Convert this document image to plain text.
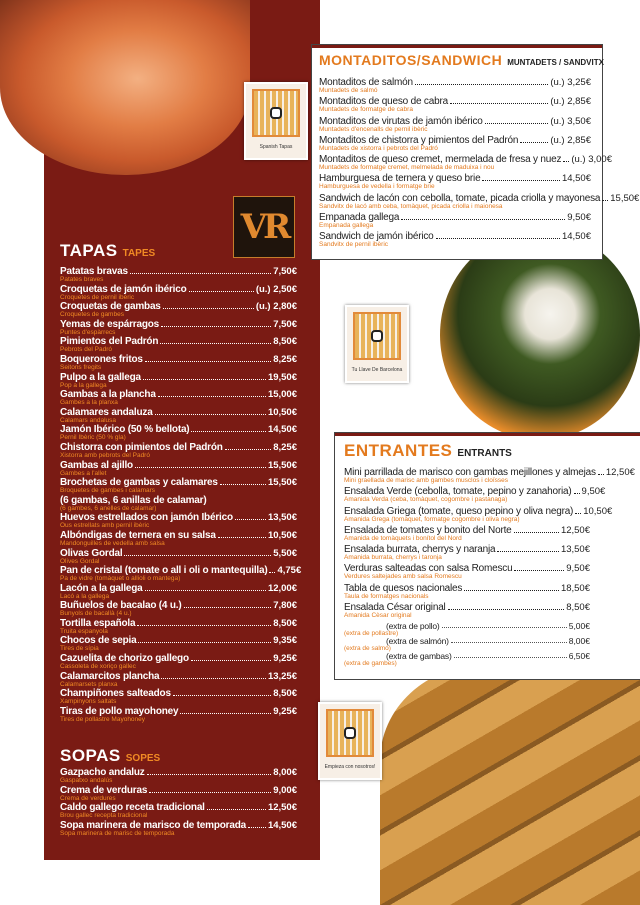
Spanish Tapas
Tu Llave De Barcelona
Empieza con nosotros!
VR
TAPAS TAPES
Patatas bravas	7,50€
Patates braves
Croquetas de jamón ibérico	(u.) 2,50€
Croquetes de pernil ibèric
Croquetas de gambas	(u.) 2,80€
Croquetes de gambes
Yemas de espárragos	7,50€
Puntes d'espàrrecs
Pimientos del Padrón	8,50€
Pebrots del Padró
Boquerones fritos	8,25€
Seitons fregits
Pulpo a la gallega	19,50€
Pop a la gallega
Gambas a la plancha	15,00€
Gambes a la planxa
Calamares andaluza	10,50€
Calamars andalusa
Jamón Ibérico (50 % bellota)	14,50€
Pernil Ibèric (50 % gla)
Chistorra con pimientos del Padrón	8,25€
Xistorra amb pebrots del Padró
Gambas al ajillo	15,50€
Gambes a l'allet
Brochetas de gambas y calamares	15,50€
Broquetes de gambes i calamars
(6 gambas, 6 anillas de calamar)
(6 gambes, 6 anelles de calamar)
Huevos estrellados con jamón Ibérico	13,50€
Ous estrellats amb pernil ibèric
Albóndigas de ternera en su salsa	10,50€
Mandonguilles de vedella amb salsa
Olivas Gordal	5,50€
Olives Gordal
Pan de cristal (tomate o all i oli o mantequilla) 4,75€
Pa de vidre (tomàquet o allioli o mantega)
Lacón a la gallega	12,00€
Lacó a la gallega
Buñuelos de bacalao (4 u.)	7,80€
Bunyols de bacallà (4 u.)
Tortilla española	8,50€
Truita espanyola
Chocos de sepia	9,35€
Tires de sípia
Cazuelita de chorizo gallego	9,25€
Cassoleta de xoriço gallec
Calamarcitos plancha	13,25€
Calamarsets planxa
Champiñones salteados	8,50€
Xampinyons saltats
Tiras de pollo mayohoney	9,25€
Tires de pollastre Mayohoney
SOPAS SOPES
Gazpacho andaluz	8,00€
Gaspatxo andalús
Crema de verduras	9,00€
Crema de verdures
Caldo gallego receta tradicional	12,50€
Brou gallec recepta tradicional
Sopa marinera de marisco de temporada 14,50€
Sopa marinera de marisc de temporada
MONTADITOS/SANDWICH MUNTADETS / SANDVITX
Montaditos de salmón	(u.) 3,25€
Muntadets de salmó
Montaditos de queso de cabra	(u.) 2,85€
Muntadets de formatge de cabra
Montaditos de virutas de jamón ibérico	(u.) 3,50€
Muntadets d'encenalls de pernil ibèric
Montaditos de chistorra y pimientos del Padrón	(u.) 2,85€
Muntadets de xistorra i pebrots del Padró
Montaditos de queso cremet, mermelada de fresa y nuez (u.) 3,00€
Muntadets de formatge cremet, melmelada de maduixa i nou
Hamburguesa de ternera y queso brie	14,50€
Hamburguesa de vedella i formatge brie
Sandwich de lacón con cebolla, tomate, picada criolla y mayonesa 15,50€
Sandvitx de lacó amb ceba, tomàquet, picada criolla i maionesa
Empanada gallega	9,50€
Empanada gallega
Sandwich de jamón ibérico	14,50€
Sandvitx de pernil ibèric
ENTRANTES ENTRANTS
Mini parrillada de marisco con gambas mejillones y almejas 12,50€
Mini graellada de marisc amb gambes musclos i cloïsses
Ensalada Verde (cebolla, tomate, pepino y zanahoria) 9,50€
Amanida Verda (ceba, tomàquet, cogombre i pastanaga)
Ensalada Griega (tomate, queso pepino y oliva negra) 10,50€
Amanida Grega (tomàquet, formatge cogombre i oliva negra)
Ensalada de tomates y bonito del Norte	12,50€
Amanida de tomàquets i bonítol del Nord
Ensalada burrata, cherrys y naranja	13,50€
Amanida burrata, cherrys i taronja
Verduras salteadas con salsa Romescu	9,50€
Verdures saltejades amb salsa Romescu
Tabla de quesos nacionales	18,50€
Taula de formatges nacionals
Ensalada César original	8,50€
Amanida Cèsar original
(extra de pollo)	5,00€
(extra de pollastre)
(extra de salmón)	8,00€
(extra de salmó)
(extra de gambas)	6,50€
(extra de gambes)
